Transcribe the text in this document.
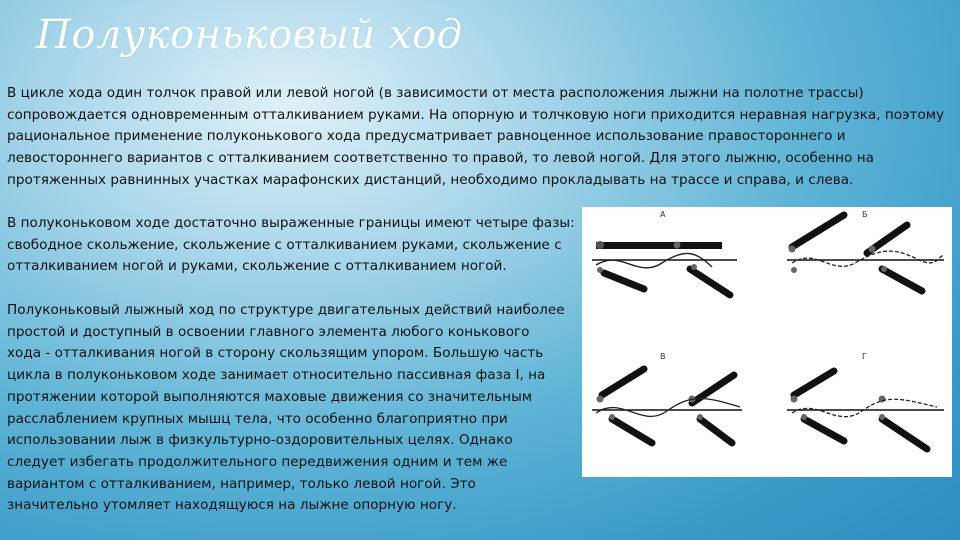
Полуконьковый ход

В цикле хода один толчок правой или левой ногой (в зависимости от места расположения лыжни на полотне трассы) сопровождается одновременным отталкиванием руками. На опорную и толчковую ноги приходится неравная нагрузка, поэтому рациональное применение полуконькового хода предусматривает равноценное использование правостороннего и левостороннего вариантов с отталкиванием соответственно то правой, то левой ногой. Для этого лыжню, особенно на протяженных равнинных участках марафонских дистанций, необходимо прокладывать на трассе и справа, и слева.

В полуконьковом ходе достаточно выраженные границы имеют четыре фазы: свободное скольжение, скольжение с отталкиванием руками, скольжение с отталкиванием ногой и руками, скольжение с отталкиванием ногой.

Полуконьковый лыжный ход по структуре двигательных действий наиболее простой и доступный в освоении главного элемента любого конькового хода - отталкивания ногой в сторону скользящим упором. Большую часть цикла в полуконьковом ходе занимает относительно пассивная фаза I, на протяжении которой выполняются маховые движения со значительным расслаблением крупных мышц тела, что особенно благоприятно при использовании лыж в физкультурно-оздоровительных целях. Однако следует избегать продолжительного передвижения одним и тем же вариантом с отталкиванием, например, только левой ногой. Это значительно утомляет находящуюся на лыжне опорную ногу.

А	Б
В	Г
